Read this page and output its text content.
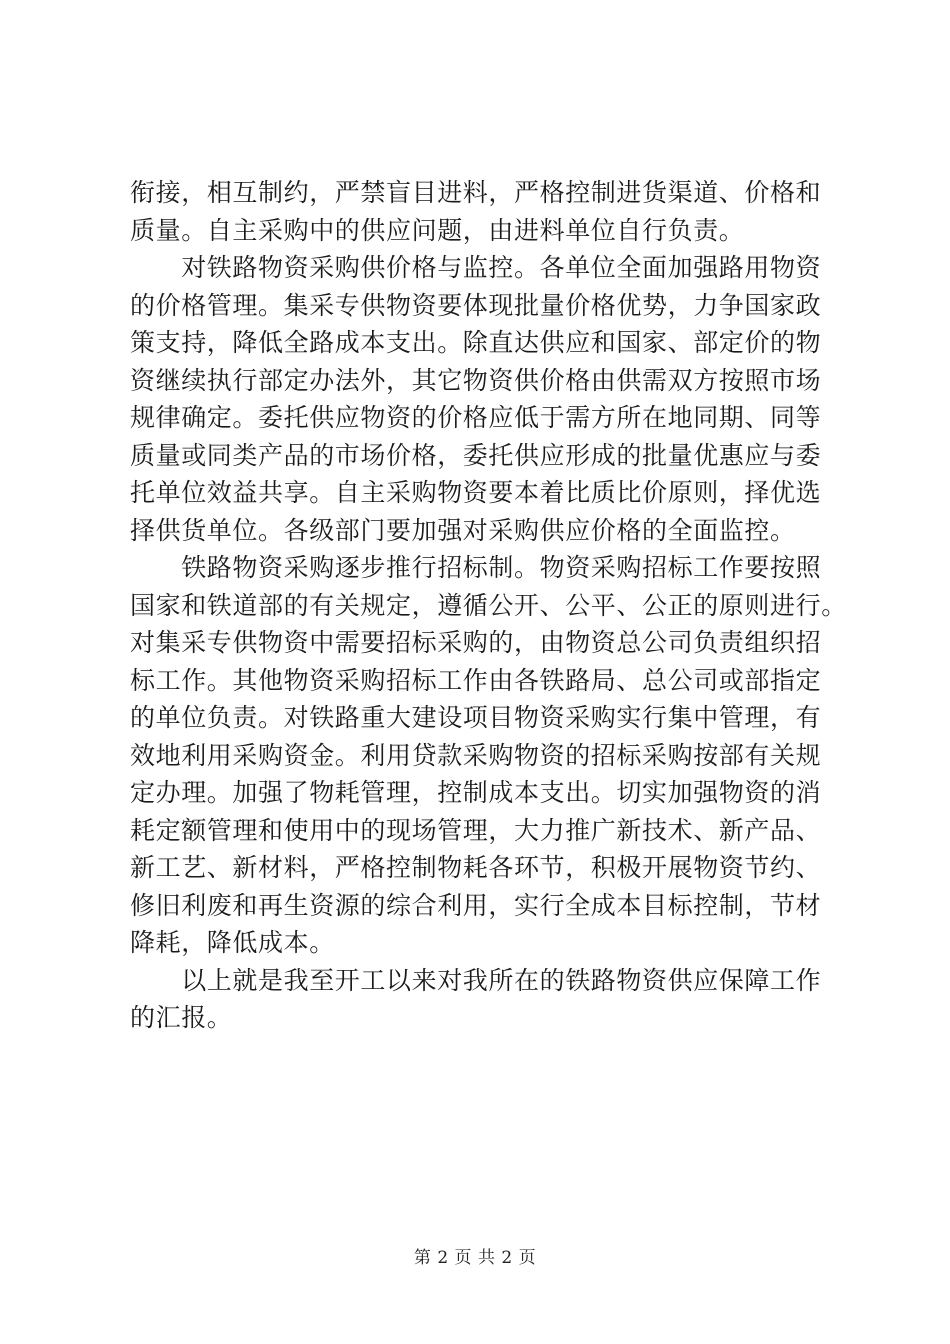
衔接，相互制约，严禁盲目进料，严格控制进货渠道、价格和
质量。自主采购中的供应问题，由进料单位自行负责。
　　对铁路物资采购供价格与监控。各单位全面加强路用物资
的价格管理。集采专供物资要体现批量价格优势，力争国家政
策支持，降低全路成本支出。除直达供应和国家、部定价的物
资继续执行部定办法外，其它物资供价格由供需双方按照市场
规律确定。委托供应物资的价格应低于需方所在地同期、同等
质量或同类产品的市场价格，委托供应形成的批量优惠应与委
托单位效益共享。自主采购物资要本着比质比价原则，择优选
择供货单位。各级部门要加强对采购供应价格的全面监控。
　　铁路物资采购逐步推行招标制。物资采购招标工作要按照
国家和铁道部的有关规定，遵循公开、公平、公正的原则进行。
对集采专供物资中需要招标采购的，由物资总公司负责组织招
标工作。其他物资采购招标工作由各铁路局、总公司或部指定
的单位负责。对铁路重大建设项目物资采购实行集中管理，有
效地利用采购资金。利用贷款采购物资的招标采购按部有关规
定办理。加强了物耗管理，控制成本支出。切实加强物资的消
耗定额管理和使用中的现场管理，大力推广新技术、新产品、
新工艺、新材料，严格控制物耗各环节，积极开展物资节约、
修旧利废和再生资源的综合利用，实行全成本目标控制，节材
降耗，降低成本。
　　以上就是我至开工以来对我所在的铁路物资供应保障工作
的汇报。
第 2 页 共 2 页
